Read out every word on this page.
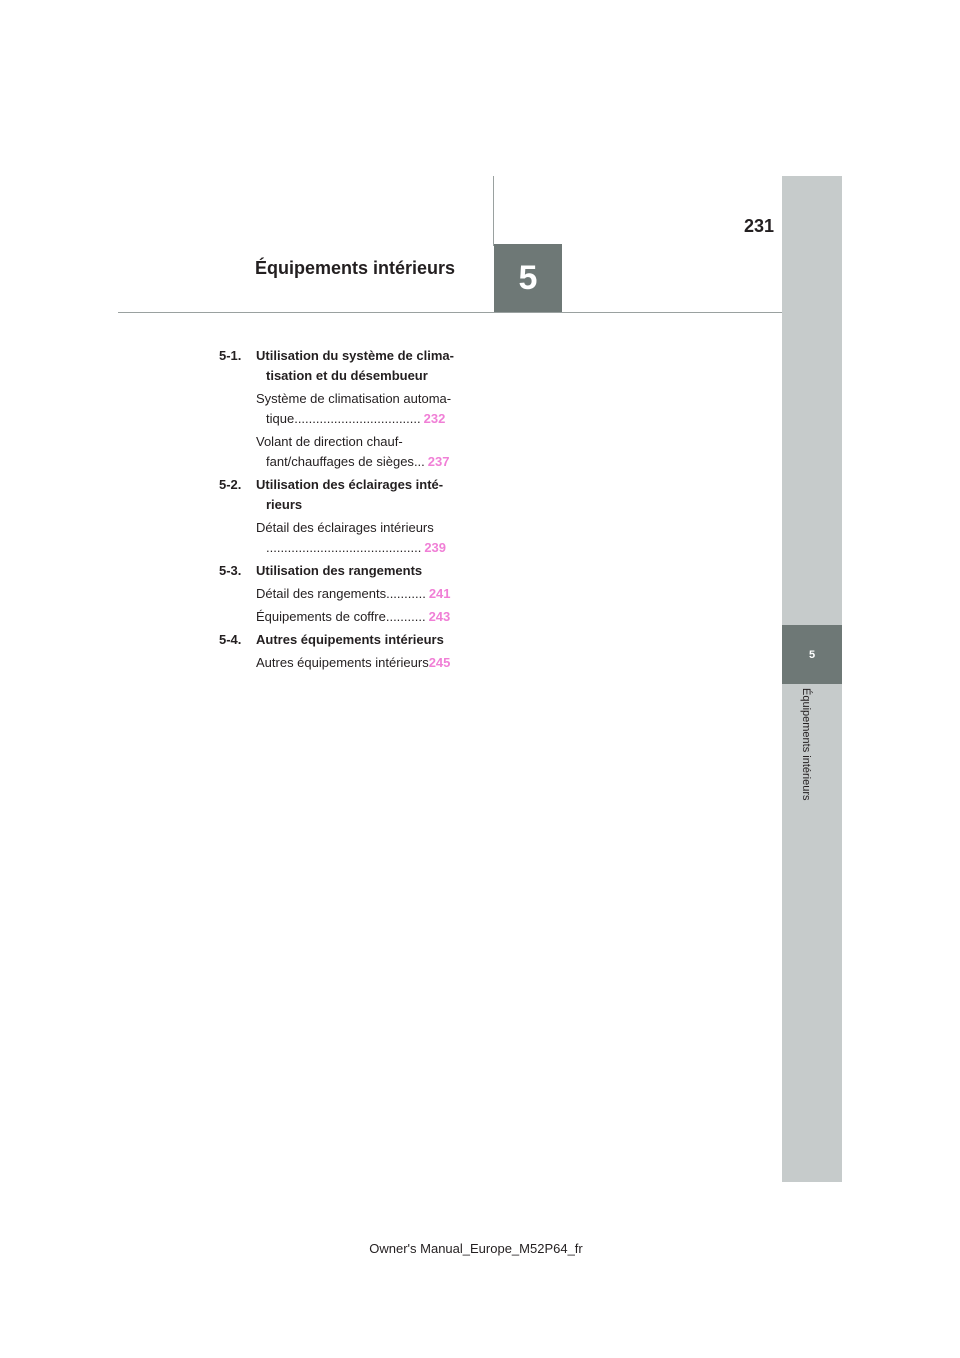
5
Équipements intérieurs
5
231
Équipements intérieurs
5-1.	Utilisation du système de clima-
tisation et du désembueur
Système de climatisation automa-
tique ................................... 232
Volant de direction chauf-
fant/chauffages de sièges ... 237
5-2.	Utilisation des éclairages inté-
rieurs
Détail des éclairages intérieurs
........................................... 239
5-3.	Utilisation des rangements
Détail des rangements ........... 241
Équipements de coffre ........... 243
5-4.	Autres équipements intérieurs
Autres équipements intérieurs 245
Owner's Manual_Europe_M52P64_fr
